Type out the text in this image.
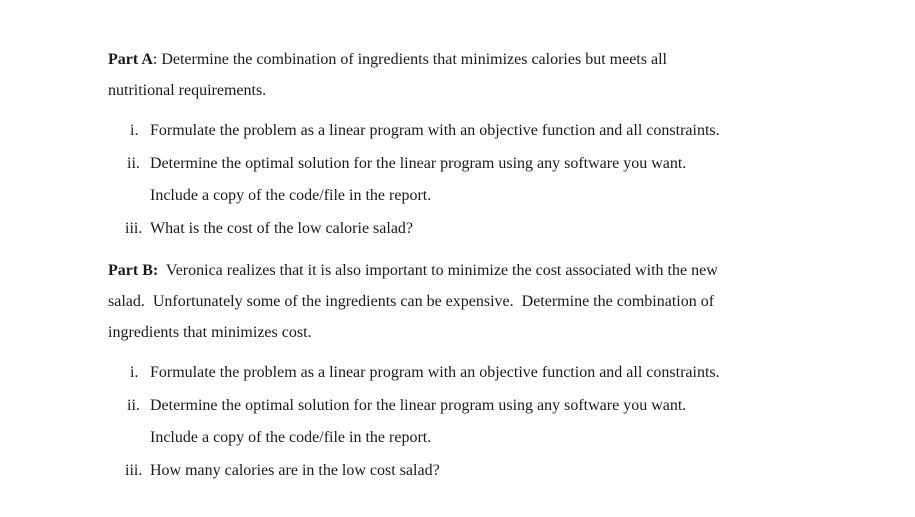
Part A: Determine the combination of ingredients that minimizes calories but meets all
nutritional requirements.

i. Formulate the problem as a linear program with an objective function and all constraints.
ii. Determine the optimal solution for the linear program using any software you want.
Include a copy of the code/file in the report.
iii. What is the cost of the low calorie salad?

Part B:  Veronica realizes that it is also important to minimize the cost associated with the new
salad.  Unfortunately some of the ingredients can be expensive.  Determine the combination of
ingredients that minimizes cost.

i. Formulate the problem as a linear program with an objective function and all constraints.
ii. Determine the optimal solution for the linear program using any software you want.
Include a copy of the code/file in the report.
iii. How many calories are in the low cost salad?
